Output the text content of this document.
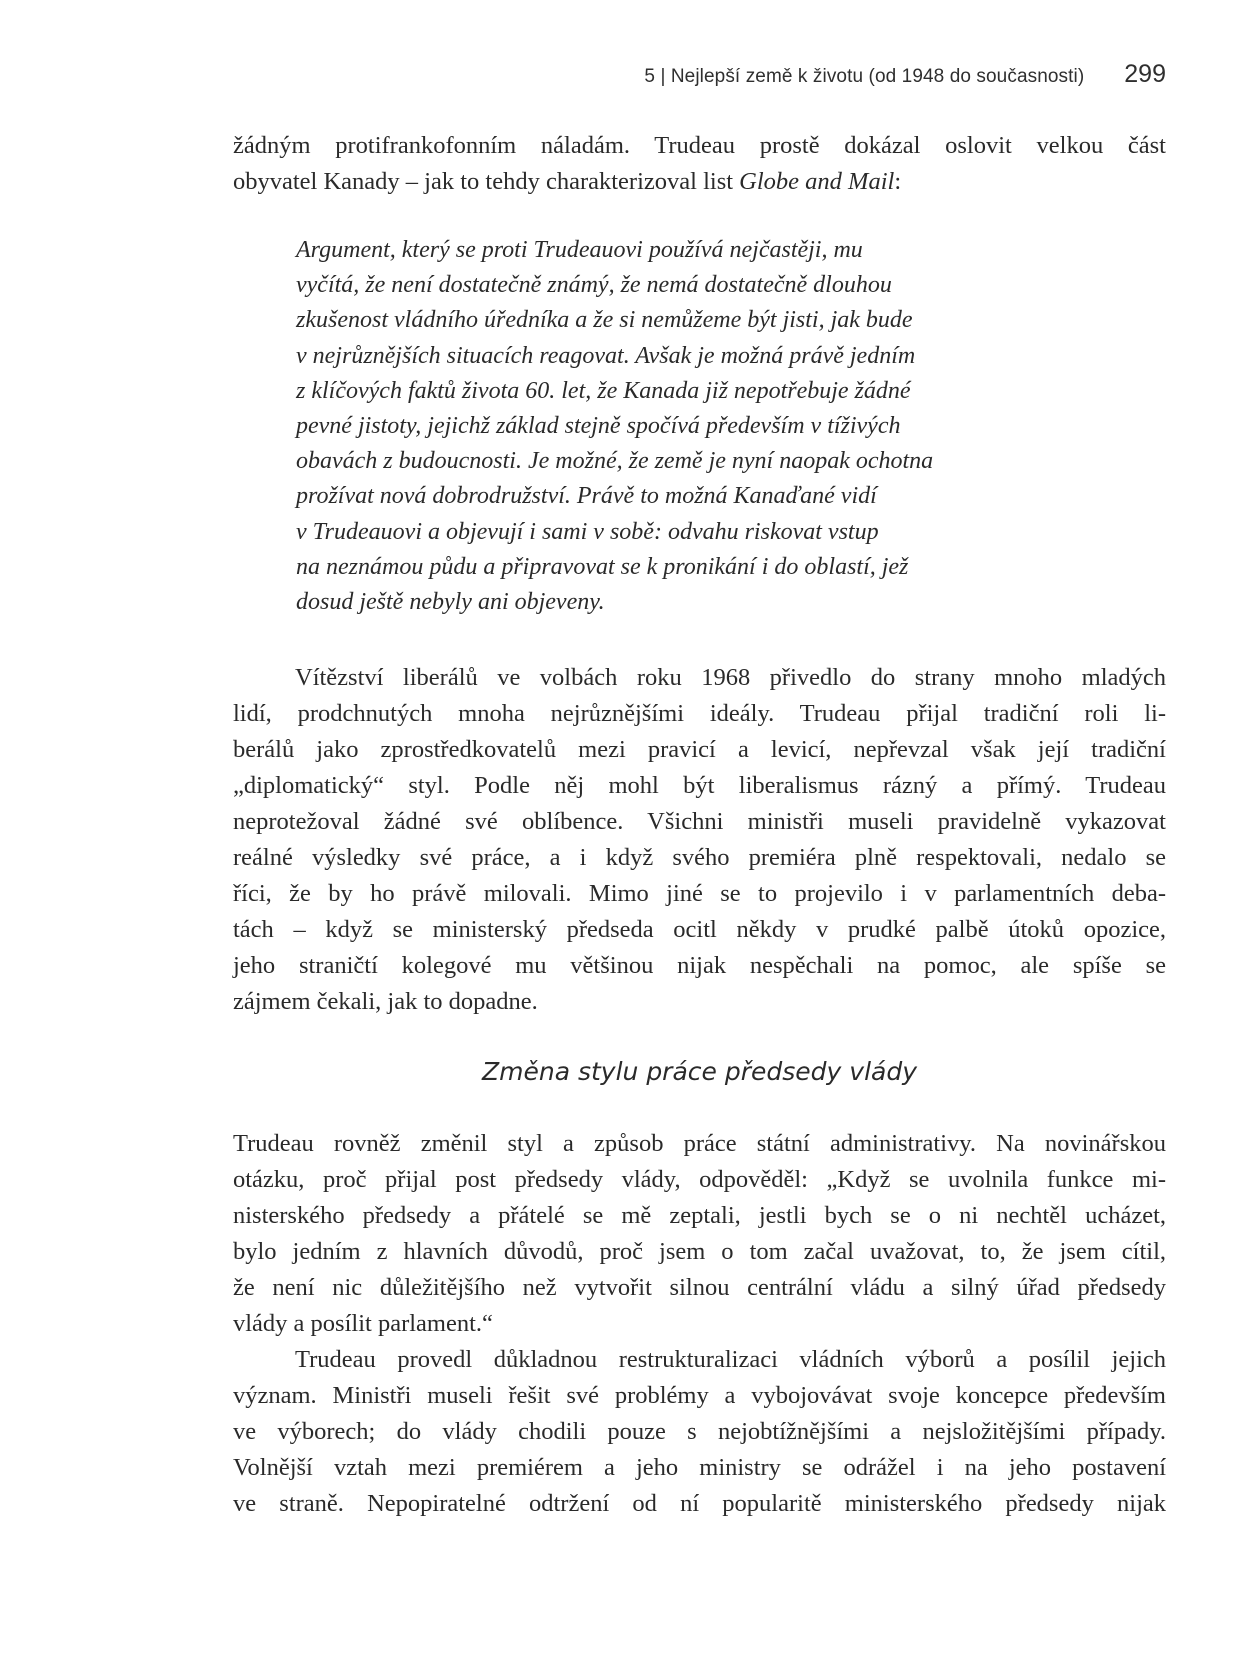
5 | Nejlepší země k životu (od 1948 do současnosti) 299
žádným protifrankofonním náladám. Trudeau prostě dokázal oslovit velkou část
obyvatel Kanady – jak to tehdy charakterizoval list Globe and Mail:
Argument, který se proti Trudeauovi používá nejčastěji, mu
vyčítá, že není dostatečně známý, že nemá dostatečně dlouhou
zkušenost vládního úředníka a že si nemůžeme být jisti, jak bude
v nejrůznějších situacích reagovat. Avšak je možná právě jedním
z klíčových faktů života 60. let, že Kanada již nepotřebuje žádné
pevné jistoty, jejichž základ stejně spočívá především v tíživých
obavách z budoucnosti. Je možné, že země je nyní naopak ochotna
prožívat nová dobrodružství. Právě to možná Kanaďané vidí
v Trudeauovi a objevují i sami v sobě: odvahu riskovat vstup
na neznámou půdu a připravovat se k pronikání i do oblastí, jež
dosud ještě nebyly ani objeveny.
Vítězství liberálů ve volbách roku 1968 přivedlo do strany mnoho mladých
lidí, prodchnutých mnoha nejrůznějšími ideály. Trudeau přijal tradiční roli li-
berálů jako zprostředkovatelů mezi pravicí a levicí, nepřevzal však její tradiční
„diplomatický“ styl. Podle něj mohl být liberalismus rázný a přímý. Trudeau
neprotežoval žádné své oblíbence. Všichni ministři museli pravidelně vykazovat
reálné výsledky své práce, a i když svého premiéra plně respektovali, nedalo se
říci, že by ho právě milovali. Mimo jiné se to projevilo i v parlamentních deba-
tách – když se ministerský předseda ocitl někdy v prudké palbě útoků opozice,
jeho straničtí kolegové mu většinou nijak nespěchali na pomoc, ale spíše se
zájmem čekali, jak to dopadne.
Změna stylu práce předsedy vlády
Trudeau rovněž změnil styl a způsob práce státní administrativy. Na novinářskou
otázku, proč přijal post předsedy vlády, odpověděl: „Když se uvolnila funkce mi-
nisterského předsedy a přátelé se mě zeptali, jestli bych se o ni nechtěl ucházet,
bylo jedním z hlavních důvodů, proč jsem o tom začal uvažovat, to, že jsem cítil,
že není nic důležitějšího než vytvořit silnou centrální vládu a silný úřad předsedy
vlády a posílit parlament.“
Trudeau provedl důkladnou restrukturalizaci vládních výborů a posílil jejich
význam. Ministři museli řešit své problémy a vybojovávat svoje koncepce především
ve výborech; do vlády chodili pouze s nejobtížnějšími a nejsložitějšími případy.
Volnější vztah mezi premiérem a jeho ministry se odrážel i na jeho postavení
ve straně. Nepopiratelné odtržení od ní popularitě ministerského předsedy nijak
